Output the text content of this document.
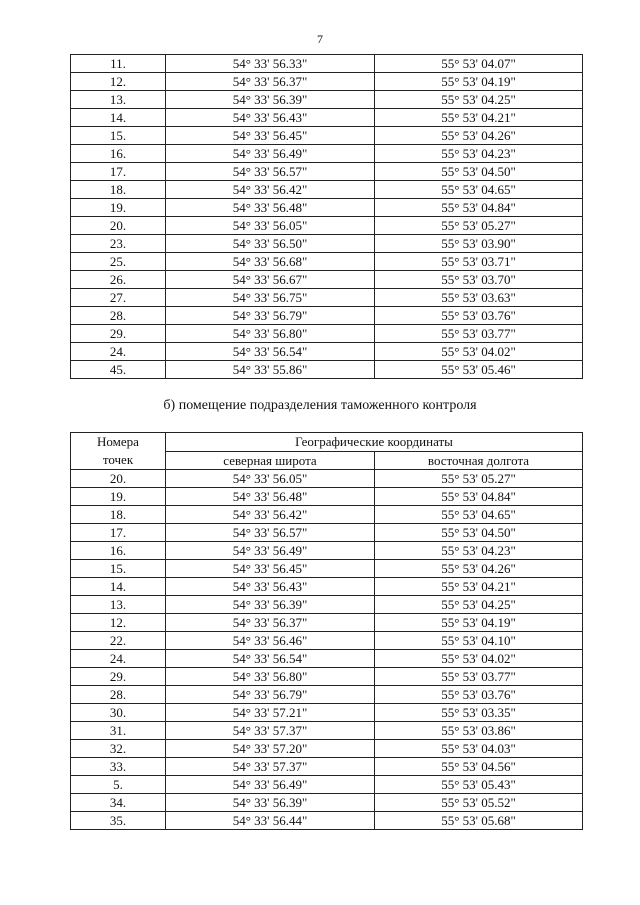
7
11.	54° 33' 56.33"	55° 53' 04.07"
12.	54° 33' 56.37"	55° 53' 04.19"
13.	54° 33' 56.39"	55° 53' 04.25"
14.	54° 33' 56.43"	55° 53' 04.21"
15.	54° 33' 56.45"	55° 53' 04.26"
16.	54° 33' 56.49"	55° 53' 04.23"
17.	54° 33' 56.57"	55° 53' 04.50"
18.	54° 33' 56.42"	55° 53' 04.65"
19.	54° 33' 56.48"	55° 53' 04.84"
20.	54° 33' 56.05"	55° 53' 05.27"
23.	54° 33' 56.50"	55° 53' 03.90"
25.	54° 33' 56.68"	55° 53' 03.71"
26.	54° 33' 56.67"	55° 53' 03.70"
27.	54° 33' 56.75"	55° 53' 03.63"
28.	54° 33' 56.79"	55° 53' 03.76"
29.	54° 33' 56.80"	55° 53' 03.77"
24.	54° 33' 56.54"	55° 53' 04.02"
45.	54° 33' 55.86"	55° 53' 05.46"
б) помещение подразделения таможенного контроля
Номера
точек	Географические координаты	
	северная широта	восточная долгота
20.	54° 33' 56.05"	55° 53' 05.27"
19.	54° 33' 56.48"	55° 53' 04.84"
18.	54° 33' 56.42"	55° 53' 04.65"
17.	54° 33' 56.57"	55° 53' 04.50"
16.	54° 33' 56.49"	55° 53' 04.23"
15.	54° 33' 56.45"	55° 53' 04.26"
14.	54° 33' 56.43"	55° 53' 04.21"
13.	54° 33' 56.39"	55° 53' 04.25"
12.	54° 33' 56.37"	55° 53' 04.19"
22.	54° 33' 56.46"	55° 53' 04.10"
24.	54° 33' 56.54"	55° 53' 04.02"
29.	54° 33' 56.80"	55° 53' 03.77"
28.	54° 33' 56.79"	55° 53' 03.76"
30.	54° 33' 57.21"	55° 53' 03.35"
31.	54° 33' 57.37"	55° 53' 03.86"
32.	54° 33' 57.20"	55° 53' 04.03"
33.	54° 33' 57.37"	55° 53' 04.56"
5.	54° 33' 56.49"	55° 53' 05.43"
34.	54° 33' 56.39"	55° 53' 05.52"
35.	54° 33' 56.44"	55° 53' 05.68"
